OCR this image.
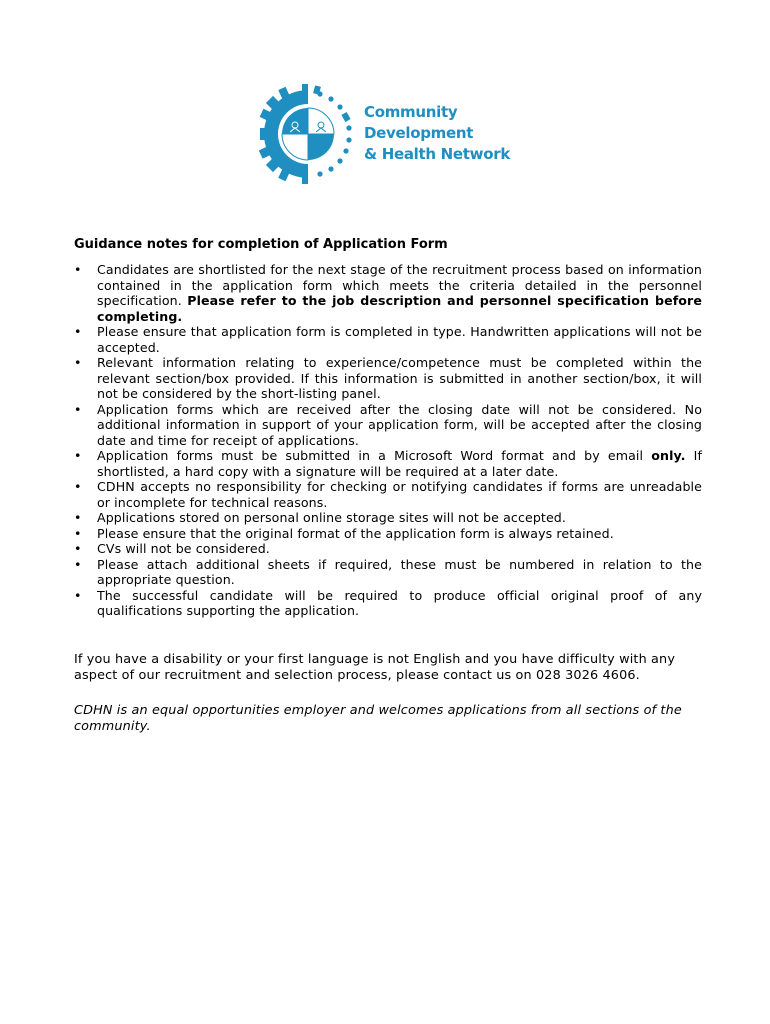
Community
Development
& Health Network
Guidance notes for completion of Application Form
• Candidates are shortlisted for the next stage of the recruitment process based on information contained in the application form which meets the criteria detailed in the personnel specification. Please refer to the job description and personnel specification before completing.
• Please ensure that application form is completed in type. Handwritten applications will not be accepted.
• Relevant information relating to experience/competence must be completed within the relevant section/box provided. If this information is submitted in another section/box, it will not be considered by the short-listing panel.
• Application forms which are received after the closing date will not be considered. No additional information in support of your application form, will be accepted after the closing date and time for receipt of applications.
• Application forms must be submitted in a Microsoft Word format and by email only. If shortlisted, a hard copy with a signature will be required at a later date.
• CDHN accepts no responsibility for checking or notifying candidates if forms are unreadable or incomplete for technical reasons.
• Applications stored on personal online storage sites will not be accepted.
• Please ensure that the original format of the application form is always retained.
• CVs will not be considered.
• Please attach additional sheets if required, these must be numbered in relation to the appropriate question.
• The successful candidate will be required to produce official original proof of any qualifications supporting the application.
If you have a disability or your first language is not English and you have difficulty with any aspect of our recruitment and selection process, please contact us on 028 3026 4606.
CDHN is an equal opportunities employer and welcomes applications from all sections of the community.
